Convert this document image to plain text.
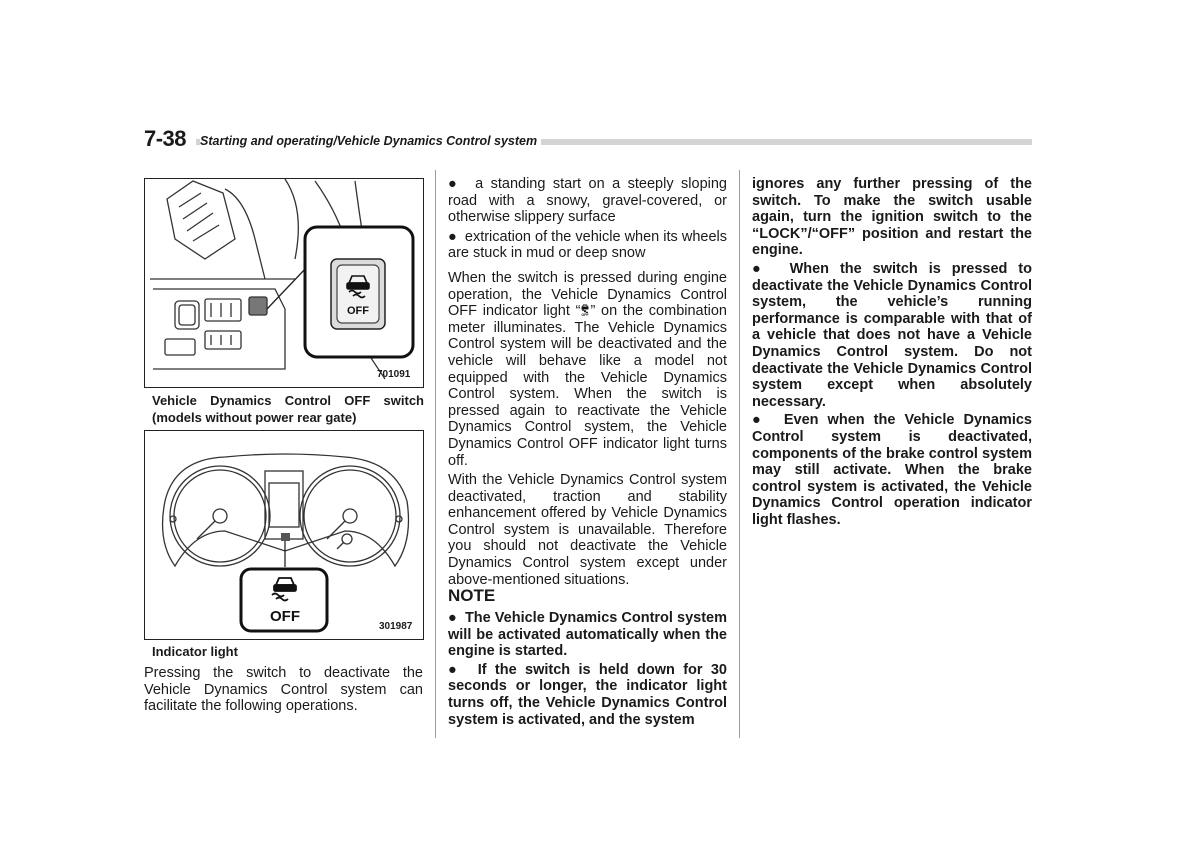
7-38 Starting and operating/Vehicle Dynamics Control system
OFF
701091
Vehicle Dynamics Control OFF switch (models without power rear gate)
OFF
301987
Indicator light

Pressing the switch to deactivate the Vehicle Dynamics Control system can facilitate the following operations.

●  a standing start on a steeply sloping road with a snowy, gravel-covered, or otherwise slippery surface

●  extrication of the vehicle when its wheels are stuck in mud or deep snow

When the switch is pressed during engine operation, the Vehicle Dynamics Control OFF indicator light “ OFF ” on the combination meter illuminates. The Vehicle Dynamics Control system will be deactivated and the vehicle will behave like a model not equipped with the Vehicle Dynamics Control system. When the switch is pressed again to reactivate the Vehicle Dynamics Control system, the Vehicle Dynamics Control OFF indicator light turns off.

With the Vehicle Dynamics Control system deactivated, traction and stability enhancement offered by Vehicle Dynamics Control system is unavailable. Therefore you should not deactivate the Vehicle Dynamics Control system except under above-mentioned situations.

NOTE

●  The Vehicle Dynamics Control system will be activated automatically when the engine is started.

●  If the switch is held down for 30 seconds or longer, the indicator light turns off, the Vehicle Dynamics Control system is activated, and the system

ignores any further pressing of the switch. To make the switch usable again, turn the ignition switch to the “LOCK”/“OFF” position and restart the engine.

●  When the switch is pressed to deactivate the Vehicle Dynamics Control system, the vehicle’s running performance is comparable with that of a vehicle that does not have a Vehicle Dynamics Control system. Do not deactivate the Vehicle Dynamics Control system except when absolutely necessary.

●  Even when the Vehicle Dynamics Control system is deactivated, components of the brake control system may still activate. When the brake control system is activated, the Vehicle Dynamics Control operation indicator light flashes.
